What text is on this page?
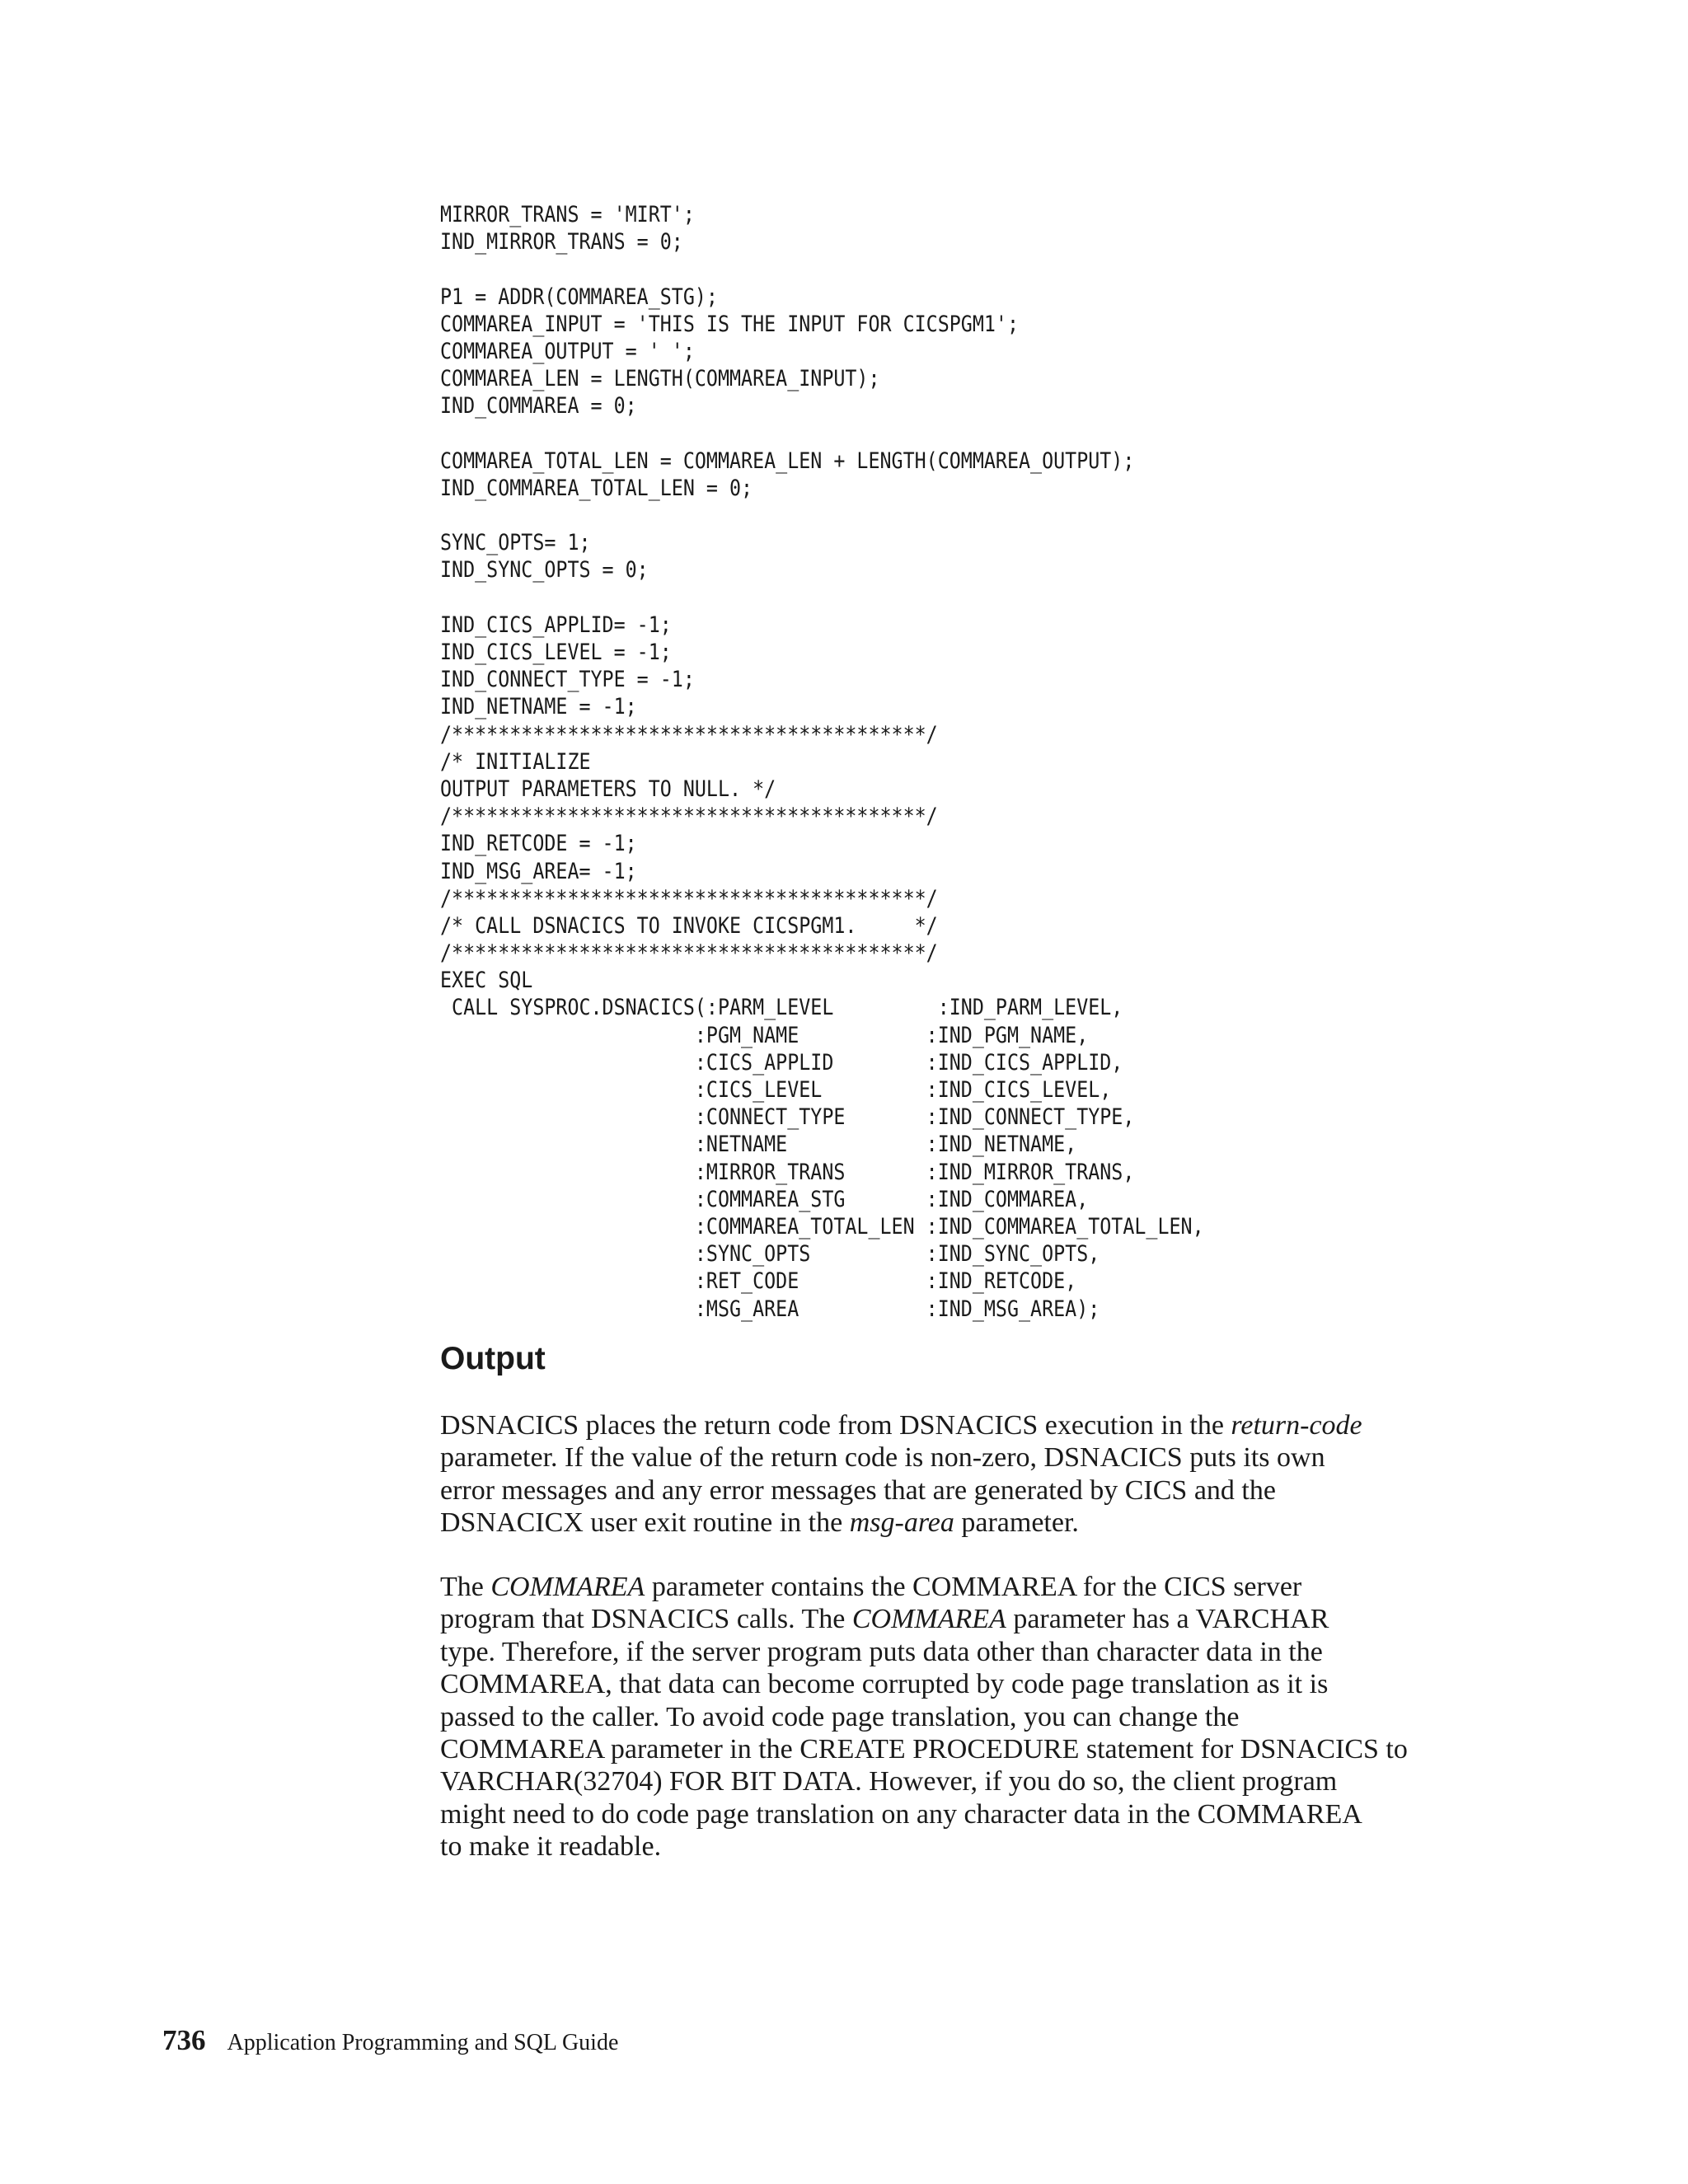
MIRROR_TRANS = 'MIRT';
IND_MIRROR_TRANS = 0;
P1 = ADDR(COMMAREA_STG);
COMMAREA_INPUT = 'THIS IS THE INPUT FOR CICSPGM1';
COMMAREA_OUTPUT = ' ';
COMMAREA_LEN = LENGTH(COMMAREA_INPUT);
IND_COMMAREA = 0;
COMMAREA_TOTAL_LEN = COMMAREA_LEN + LENGTH(COMMAREA_OUTPUT);
IND_COMMAREA_TOTAL_LEN = 0;
SYNC_OPTS= 1;
IND_SYNC_OPTS = 0;
IND_CICS_APPLID= -1;
IND_CICS_LEVEL = -1;
IND_CONNECT_TYPE = -1;
IND_NETNAME = -1;
/*****************************************/
/* INITIALIZE
OUTPUT PARAMETERS TO NULL. */
/*****************************************/
IND_RETCODE = -1;
IND_MSG_AREA= -1;
/*****************************************/
/* CALL DSNACICS TO INVOKE CICSPGM1.     */
/*****************************************/
EXEC SQL
CALL SYSPROC.DSNACICS(:PARM_LEVEL         :IND_PARM_LEVEL,
:PGM_NAME           :IND_PGM_NAME,
:CICS_APPLID        :IND_CICS_APPLID,
:CICS_LEVEL         :IND_CICS_LEVEL,
:CONNECT_TYPE       :IND_CONNECT_TYPE,
:NETNAME            :IND_NETNAME,
:MIRROR_TRANS       :IND_MIRROR_TRANS,
:COMMAREA_STG       :IND_COMMAREA,
:COMMAREA_TOTAL_LEN :IND_COMMAREA_TOTAL_LEN,
:SYNC_OPTS          :IND_SYNC_OPTS,
:RET_CODE           :IND_RETCODE,
:MSG_AREA           :IND_MSG_AREA);
Output

DSNACICS places the return code from DSNACICS execution in the return-code
parameter. If the value of the return code is non-zero, DSNACICS puts its own
error messages and any error messages that are generated by CICS and the
DSNACICX user exit routine in the msg-area parameter.

The COMMAREA parameter contains the COMMAREA for the CICS server
program that DSNACICS calls. The COMMAREA parameter has a VARCHAR
type. Therefore, if the server program puts data other than character data in the
COMMAREA, that data can become corrupted by code page translation as it is
passed to the caller. To avoid code page translation, you can change the
COMMAREA parameter in the CREATE PROCEDURE statement for DSNACICS to
VARCHAR(32704) FOR BIT DATA. However, if you do so, the client program
might need to do code page translation on any character data in the COMMAREA
to make it readable.

736 Application Programming and SQL Guide
